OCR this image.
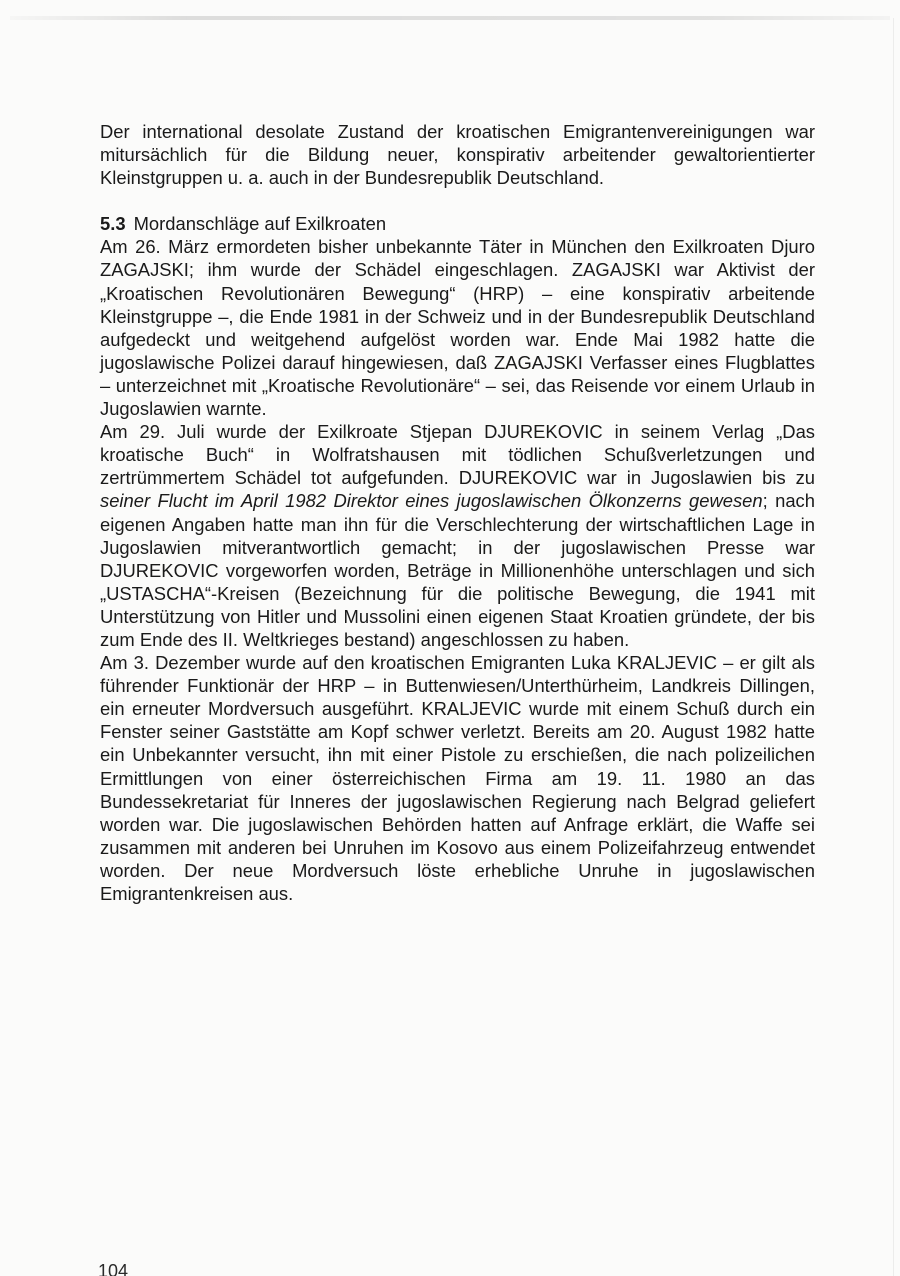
Der international desolate Zustand der kroatischen Emigrantenvereinigungen war mitursächlich für die Bildung neuer, konspirativ arbeitender gewaltorientierter Kleinstgruppen u. a. auch in der Bundesrepublik Deutschland.

5.3 Mordanschläge auf Exilkroaten

Am 26. März ermordeten bisher unbekannte Täter in München den Exilkroaten Djuro ZAGAJSKI; ihm wurde der Schädel eingeschlagen. ZAGAJSKI war Aktivist der „Kroatischen Revolutionären Bewegung“ (HRP) – eine konspirativ arbeitende Kleinstgruppe –, die Ende 1981 in der Schweiz und in der Bundesrepublik Deutschland aufgedeckt und weitgehend aufgelöst worden war. Ende Mai 1982 hatte die jugoslawische Polizei darauf hingewiesen, daß ZAGAJSKI Verfasser eines Flugblattes – unterzeichnet mit „Kroatische Revolutionäre“ – sei, das Reisende vor einem Urlaub in Jugoslawien warnte.

Am 29. Juli wurde der Exilkroate Stjepan DJUREKOVIC in seinem Verlag „Das kroatische Buch“ in Wolfratshausen mit tödlichen Schußverletzungen und zertrümmertem Schädel tot aufgefunden. DJUREKOVIC war in Jugoslawien bis zu seiner Flucht im April 1982 Direktor eines jugoslawischen Ölkonzerns gewesen; nach eigenen Angaben hatte man ihn für die Verschlechterung der wirtschaftlichen Lage in Jugoslawien mitverantwortlich gemacht; in der jugoslawischen Presse war DJUREKOVIC vorgeworfen worden, Beträge in Millionenhöhe unterschlagen und sich „USTASCHA“-Kreisen (Bezeichnung für die politische Bewegung, die 1941 mit Unterstützung von Hitler und Mussolini einen eigenen Staat Kroatien gründete, der bis zum Ende des II. Weltkrieges bestand) angeschlossen zu haben.

Am 3. Dezember wurde auf den kroatischen Emigranten Luka KRALJEVIC – er gilt als führender Funktionär der HRP – in Buttenwiesen/Unterthürheim, Landkreis Dillingen, ein erneuter Mordversuch ausgeführt. KRALJEVIC wurde mit einem Schuß durch ein Fenster seiner Gaststätte am Kopf schwer verletzt. Bereits am 20. August 1982 hatte ein Unbekannter versucht, ihn mit einer Pistole zu erschießen, die nach polizeilichen Ermittlungen von einer österreichischen Firma am 19. 11. 1980 an das Bundessekretariat für Inneres der jugoslawischen Regierung nach Belgrad geliefert worden war. Die jugoslawischen Behörden hatten auf Anfrage erklärt, die Waffe sei zusammen mit anderen bei Unruhen im Kosovo aus einem Polizeifahrzeug entwendet worden. Der neue Mordversuch löste erhebliche Unruhe in jugoslawischen Emigrantenkreisen aus.

104
